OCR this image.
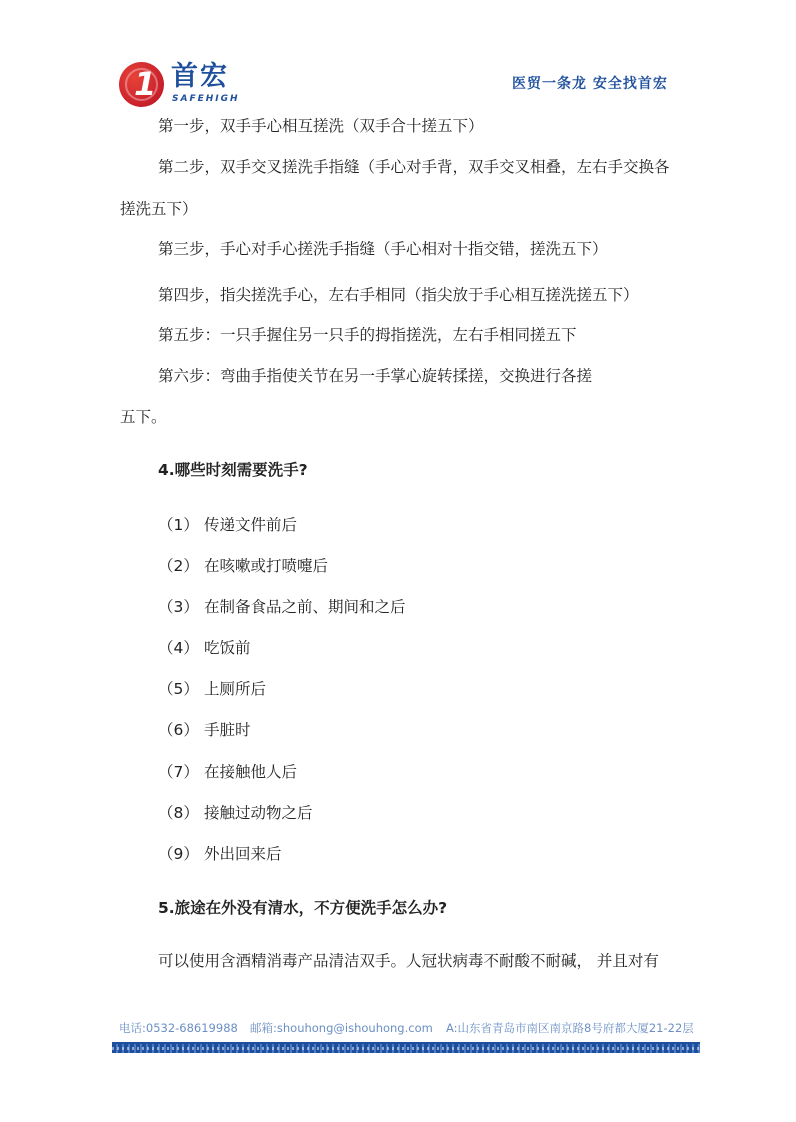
1 首宏
SAFEHIGH
医贸一条龙 安全找首宏
第一步，双手手心相互搓洗（双手合十搓五下）
第二步，双手交叉搓洗手指缝（手心对手背，双手交叉相叠，左右手交换各
搓洗五下）
第三步，手心对手心搓洗手指缝（手心相对十指交错，搓洗五下）
第四步，指尖搓洗手心，左右手相同（指尖放于手心相互搓洗搓五下）
第五步：一只手握住另一只手的拇指搓洗，左右手相同搓五下
第六步：弯曲手指使关节在另一手掌心旋转揉搓，交换进行各搓
五下。
4.哪些时刻需要洗手?
（1） 传递文件前后
（2） 在咳嗽或打喷嚏后
（3） 在制备食品之前、期间和之后
（4） 吃饭前
（5） 上厕所后
（6） 手脏时
（7） 在接触他人后
（8） 接触过动物之后
（9） 外出回来后
5.旅途在外没有清水，不方便洗手怎么办?
可以使用含酒精消毒产品清洁双手。人冠状病毒不耐酸不耐碱， 并且对有
电话:0532-68619988 邮箱:shouhong@ishouhong.com A:山东省青岛市南区南京路8号府都大厦21-22层
